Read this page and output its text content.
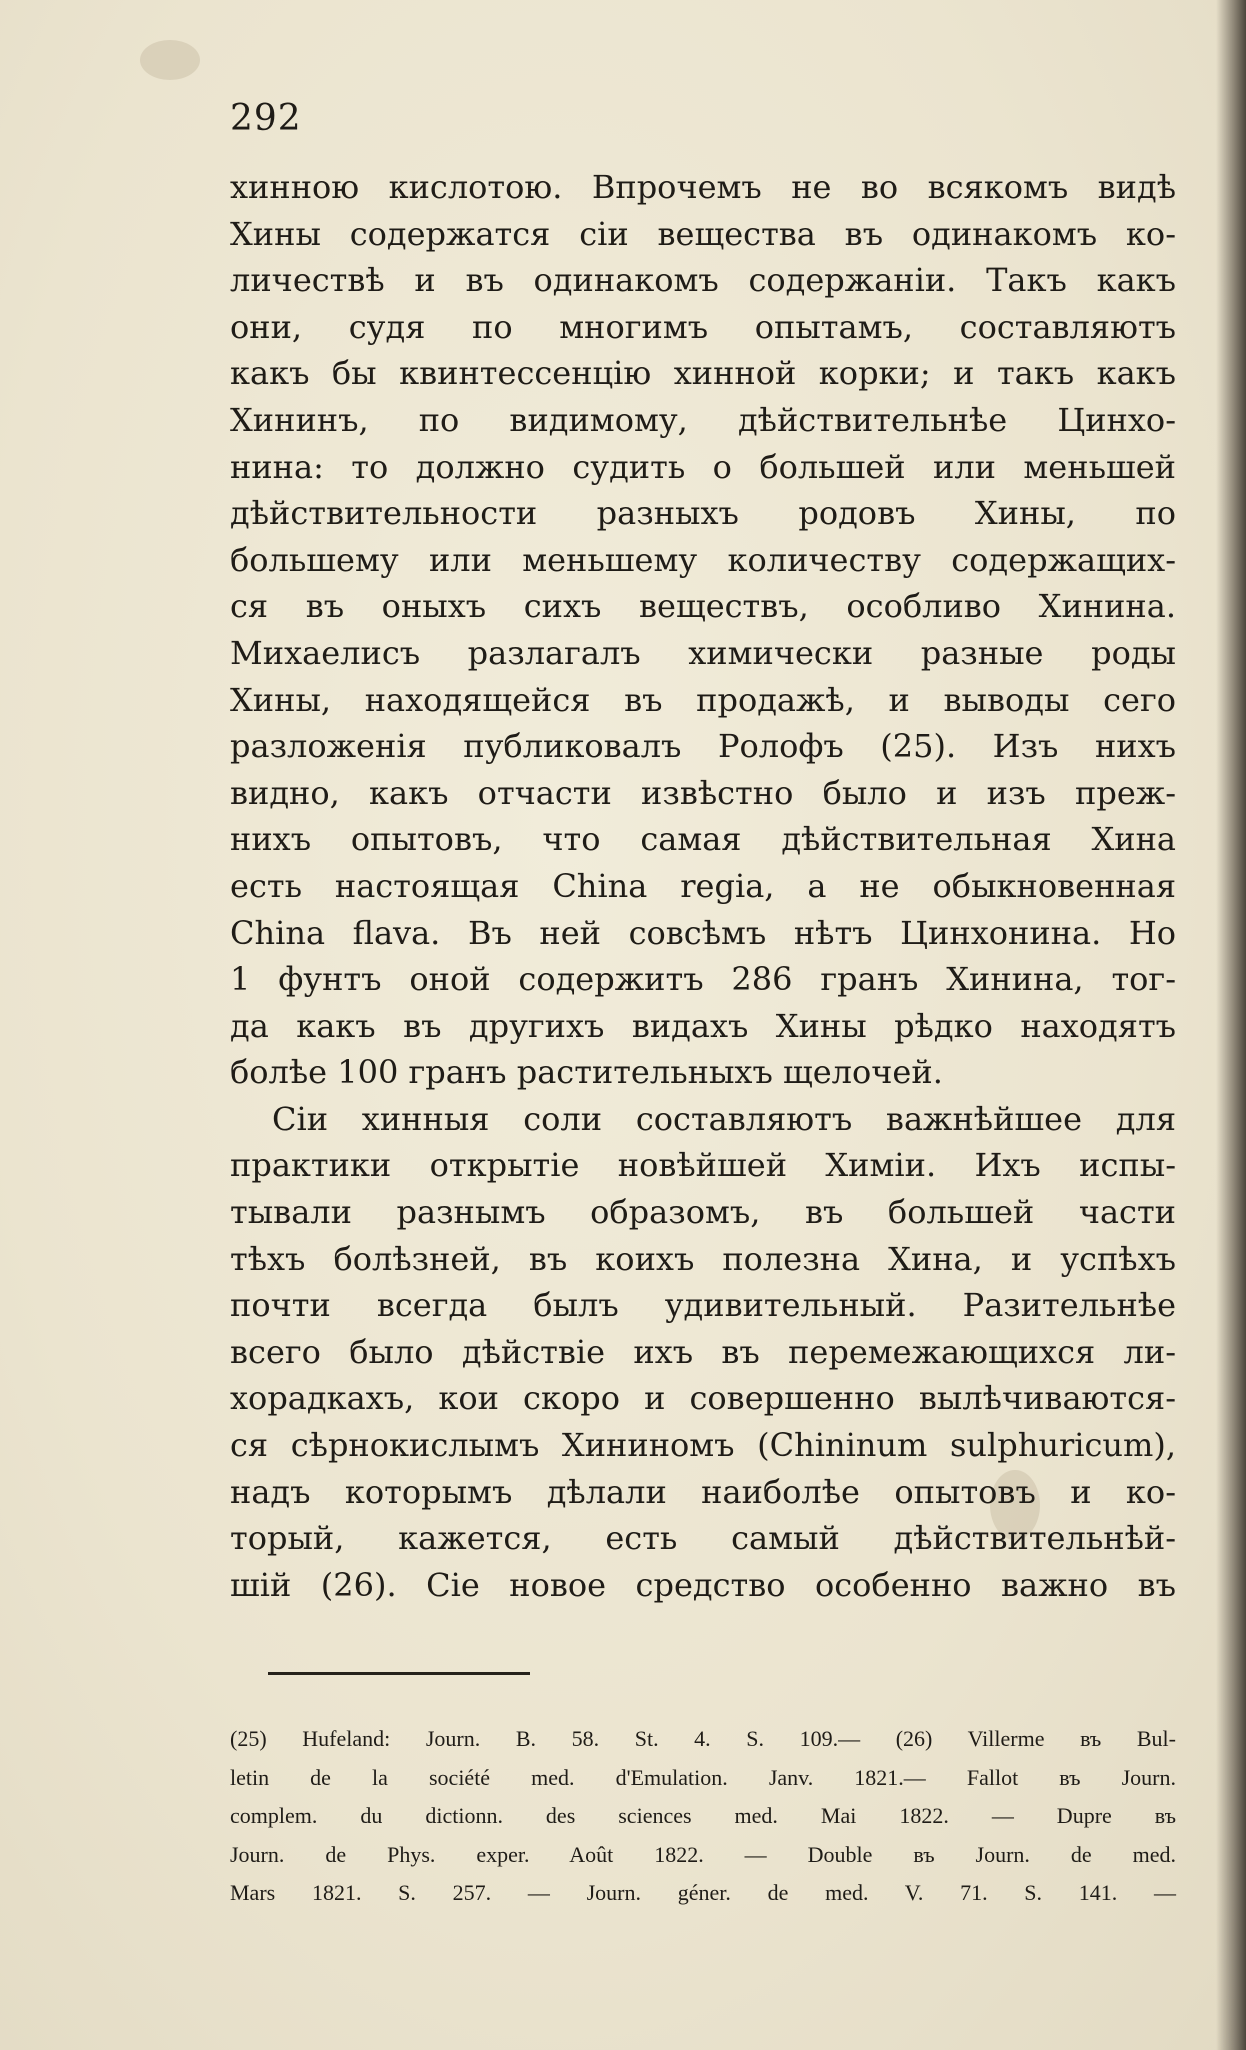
292
хинною кислотою. Впрочемъ не во всякомъ видѣ
Хины содержатся сіи вещества въ одинакомъ ко-
личествѣ и въ одинакомъ содержаніи. Такъ какъ
они, судя по многимъ опытамъ, составляютъ
какъ бы квинтессенцію хинной корки; и такъ какъ
Хининъ, по видимому, дѣйствительнѣе Цинхо-
нина: то должно судить о большей или меньшей
дѣйствительности разныхъ родовъ Хины, по
большему или меньшему количеству содержащих-
ся въ оныхъ сихъ веществъ, особливо Хинина.
Михаелисъ разлагалъ химически разные роды
Хины, находящейся въ продажѣ, и выводы сего
разложенія публиковалъ Ролофъ (25). Изъ нихъ
видно, какъ отчасти извѣстно было и изъ преж-
нихъ опытовъ, что самая дѣйствительная Хина
есть настоящая China regia, а не обыкновенная
China flava. Въ ней совсѣмъ нѣтъ Цинхонина. Но
1 фунтъ оной содержитъ 286 гранъ Хинина, тог-
да какъ въ другихъ видахъ Хины рѣдко находятъ
болѣе 100 гранъ растительныхъ щелочей.
Сіи хинныя соли составляютъ важнѣйшее для
практики открытіе новѣйшей Химіи. Ихъ испы-
тывали разнымъ образомъ, въ большей части
тѣхъ болѣзней, въ коихъ полезна Хина, и успѣхъ
почти всегда былъ удивительный. Разительнѣе
всего было дѣйствіе ихъ въ перемежающихся ли-
хорадкахъ, кои скоро и совершенно вылѣчиваются-
ся сѣрнокислымъ Хининомъ (Chininum sulphuricum),
надъ которымъ дѣлали наиболѣе опытовъ и ко-
торый, кажется, есть самый дѣйствительнѣй-
шій (26). Сіе новое средство особенно важно въ
(25) Hufeland: Journ. B. 58. St. 4. S. 109.— (26) Villerme въ Bul-
letin de la société med. d'Emulation. Janv. 1821.— Fallot въ Journ.
complem. du dictionn. des sciences med. Mai 1822. — Dupre въ
Journ. de Phys. exper. Août 1822. — Double въ Journ. de med.
Mars 1821. S. 257. — Journ. géner. de med. V. 71. S. 141. —
